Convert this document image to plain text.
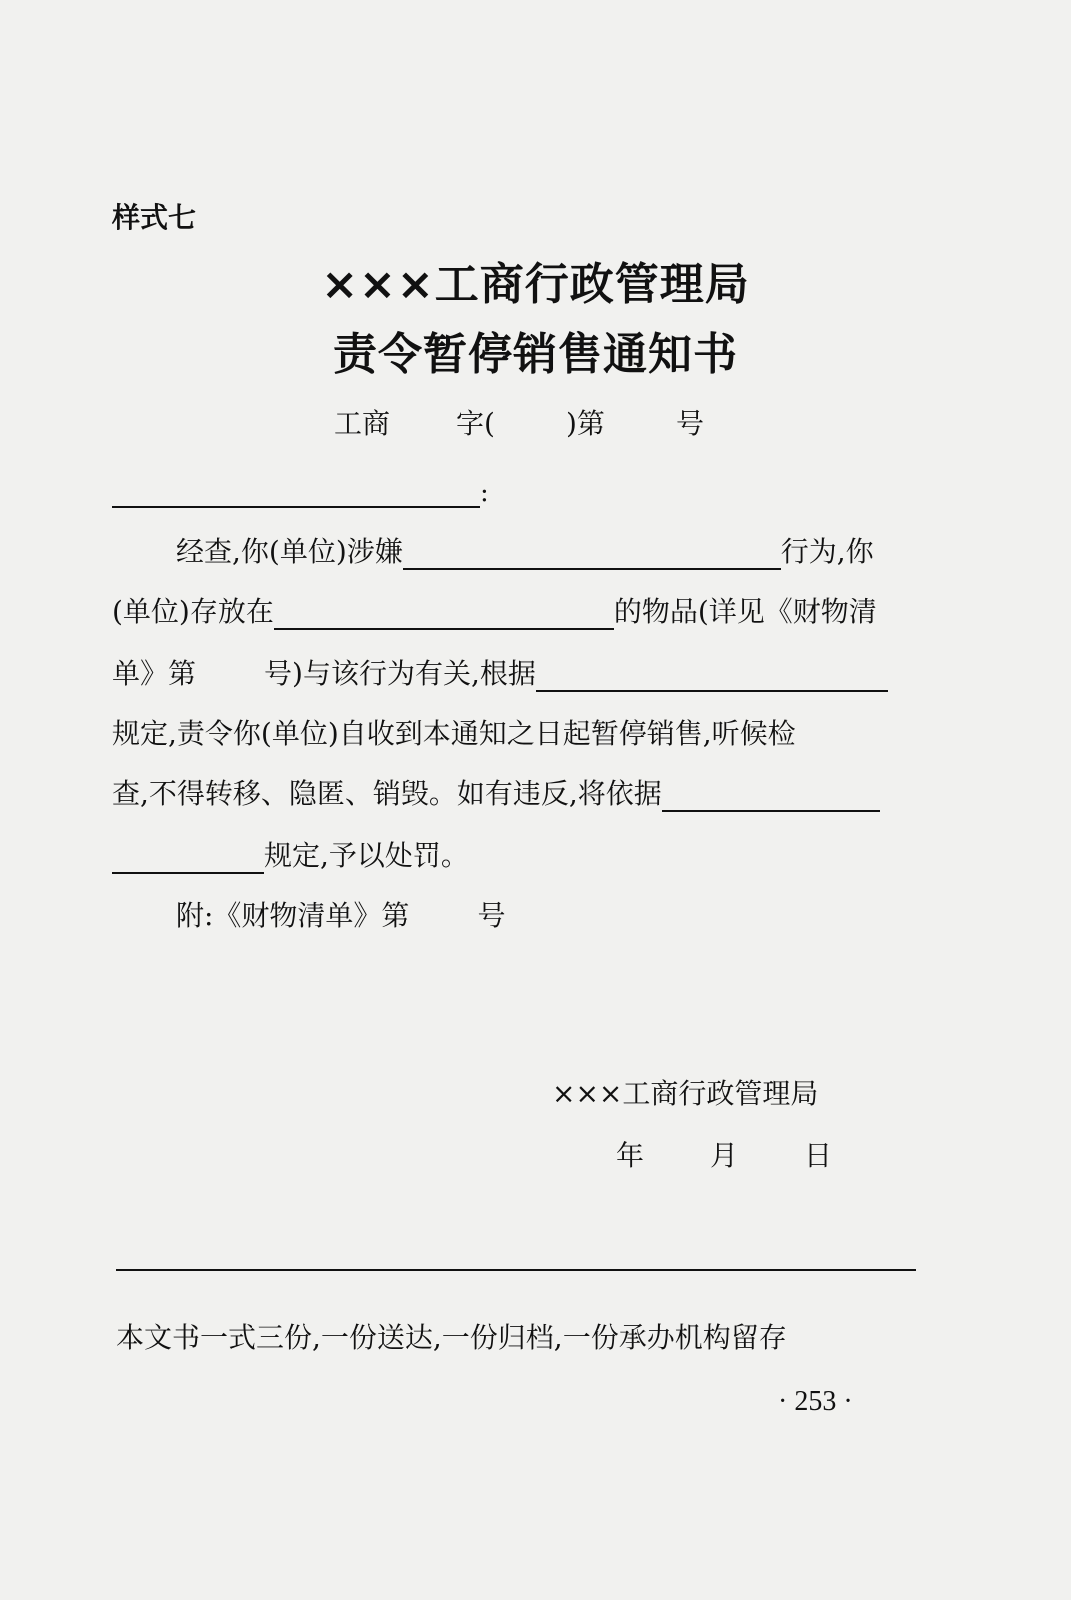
样式七
×××工商行政管理局
责令暂停销售通知书
工商 字(	)第	号
:
经查,你(单位)涉嫌	行为,你
(单位)存放在	的物品(详见《财物清
单》第 号)与该行为有关,根据
规定,责令你(单位)自收到本通知之日起暂停销售,听候检
查,不得转移、隐匿、销毁。如有违反,将依据
规定,予以处罚。
附:《财物清单》第 号
×××工商行政管理局
年 月 日
本文书一式三份,一份送达,一份归档,一份承办机构留存
· 253 ·
